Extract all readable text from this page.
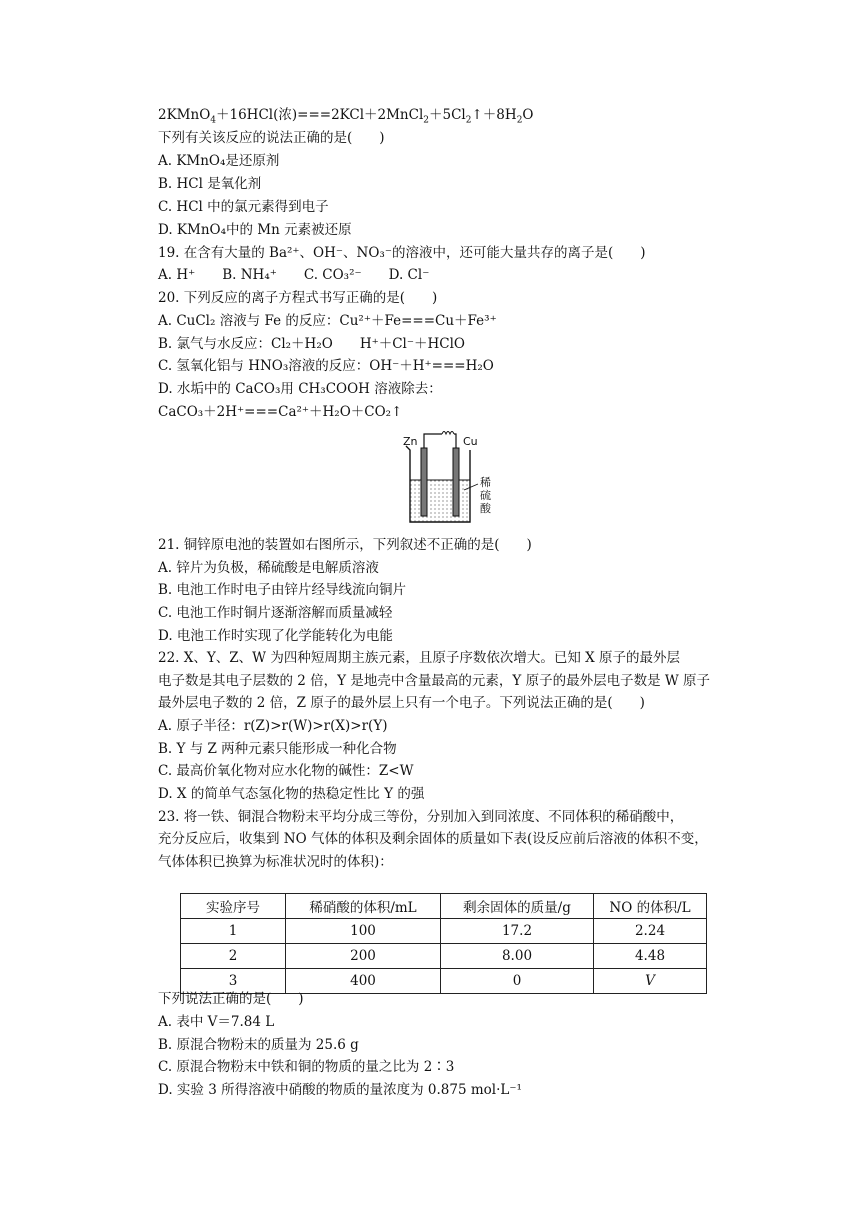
2KMnO$_4$＋16HCl(浓)$===2KCl+2MnCl_2+5Cl_2↑+8H_2O$
下列有关该反应的说法正确的是(　　)
A. KMnO₄是还原剂
B. HCl 是氧化剂
C. HCl 中的氯元素得到电子
D. KMnO₄中的 Mn 元素被还原
19. 在含有大量的 Ba²⁺、OH⁻、NO₃⁻的溶液中，还可能大量共存的离子是(　　)
A. H⁺　　B. NH₄⁺　　C. CO₃²⁻　　D. Cl⁻
20. 下列反应的离子方程式书写正确的是(　　)
A. CuCl₂ 溶液与 Fe 的反应：Cu²⁺＋Fe===Cu＋Fe³⁺
B. 氯气与水反应：Cl₂＋H₂O　　H⁺＋Cl⁻＋HClO
C. 氢氧化铝与 HNO₃溶液的反应：OH⁻＋H⁺===H₂O
D. 水垢中的 CaCO₃用 CH₃COOH 溶液除去：
CaCO₃＋2H⁺===Ca²⁺＋H₂O＋CO₂↑
Zn	Cu
稀
硫
酸
21. 铜锌原电池的装置如右图所示，下列叙述不正确的是(　　)
A. 锌片为负极，稀硫酸是电解质溶液
B. 电池工作时电子由锌片经导线流向铜片
C. 电池工作时铜片逐渐溶解而质量减轻
D. 电池工作时实现了化学能转化为电能
22. X、Y、Z、W 为四种短周期主族元素，且原子序数依次增大。已知 X 原子的最外层
电子数是其电子层数的 2 倍，Y 是地壳中含量最高的元素，Y 原子的最外层电子数是 W 原子
最外层电子数的 2 倍，Z 原子的最外层上只有一个电子。下列说法正确的是(　　)
A. 原子半径：r(Z)>r(W)>r(X)>r(Y)
B. Y 与 Z 两种元素只能形成一种化合物
C. 最高价氧化物对应水化物的碱性：Z<W
D. X 的简单气态氢化物的热稳定性比 Y 的强
23. 将一铁、铜混合物粉末平均分成三等份，分别加入到同浓度、不同体积的稀硝酸中，
充分反应后，收集到 NO 气体的体积及剩余固体的质量如下表(设反应前后溶液的体积不变，
气体体积已换算为标准状况时的体积)：
实验序号	稀硝酸的体积/mL	剩余固体的质量/g	NO 的体积/L
1	100	17.2	2.24
2	200	8.00	4.48
3	400	0	V
下列说法正确的是(　　)
A. 表中 V＝7.84 L
B. 原混合物粉末的质量为 25.6 g
C. 原混合物粉末中铁和铜的物质的量之比为 2∶3
D. 实验 3 所得溶液中硝酸的物质的量浓度为 0.875 mol·L⁻¹
